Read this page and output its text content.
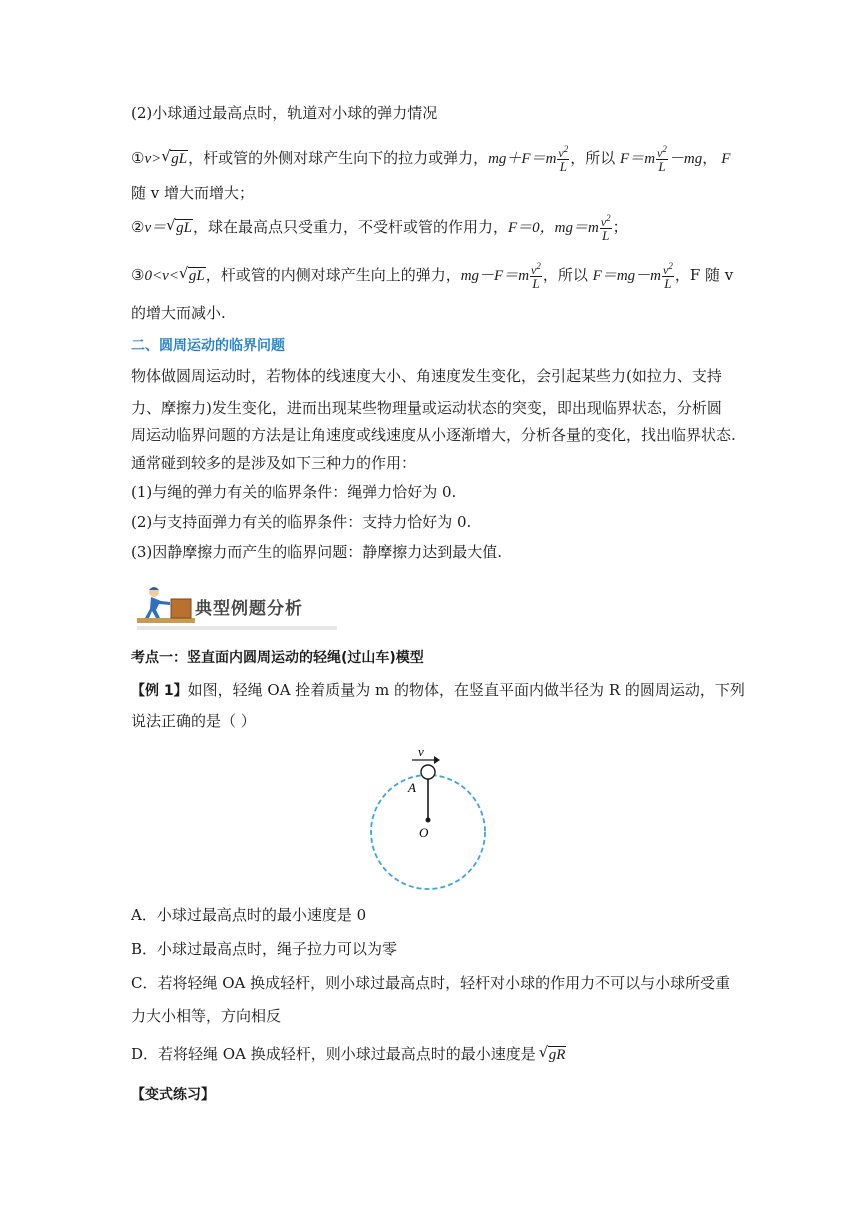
(2)小球通过最高点时，轨道对小球的弹力情况
①v> √ gL，杆或管的外侧对球产生向下的拉力或弹力，$mg+F=m \frac{v^2}{L}$ ，所以 $F=m \frac{v^2}{L} -mg$， F
随 v 增大而增大；
②v＝ √ gL，球在最高点只受重力，不受杆或管的作用力，F＝0，$mg=m \frac{v^2}{L}$ ；
③0<v< √ gL，杆或管的内侧对球产生向上的弹力，$mg-F=m \frac{v^2}{L}$ ，所以 $F=mg-m \frac{v^2}{L}$ ，F 随 v
的增大而减小.
二、圆周运动的临界问题
物体做圆周运动时，若物体的线速度大小、角速度发生变化，会引起某些力(如拉力、支持
力、摩擦力)发生变化，进而出现某些物理量或运动状态的突变，即出现临界状态，分析圆
周运动临界问题的方法是让角速度或线速度从小逐渐增大，分析各量的变化，找出临界状态.
通常碰到较多的是涉及如下三种力的作用：
(1)与绳的弹力有关的临界条件：绳弹力恰好为 0.
(2)与支持面弹力有关的临界条件：支持力恰好为 0.
(3)因静摩擦力而产生的临界问题：静摩擦力达到最大值.
典型例题分析
考点一：竖直面内圆周运动的轻绳(过山车)模型
【例 1】如图，轻绳 OA 拴着质量为 m 的物体，在竖直平面内做半径为 R 的圆周运动，下列
说法正确的是（ ）
v
A
O
A．小球过最高点时的最小速度是 0
B．小球过最高点时，绳子拉力可以为零
C．若将轻绳 OA 换成轻杆，则小球过最高点时，轻杆对小球的作用力不可以与小球所受重
力大小相等，方向相反
D．若将轻绳 OA 换成轻杆，则小球过最高点时的最小速度是 √ gR
【变式练习】
